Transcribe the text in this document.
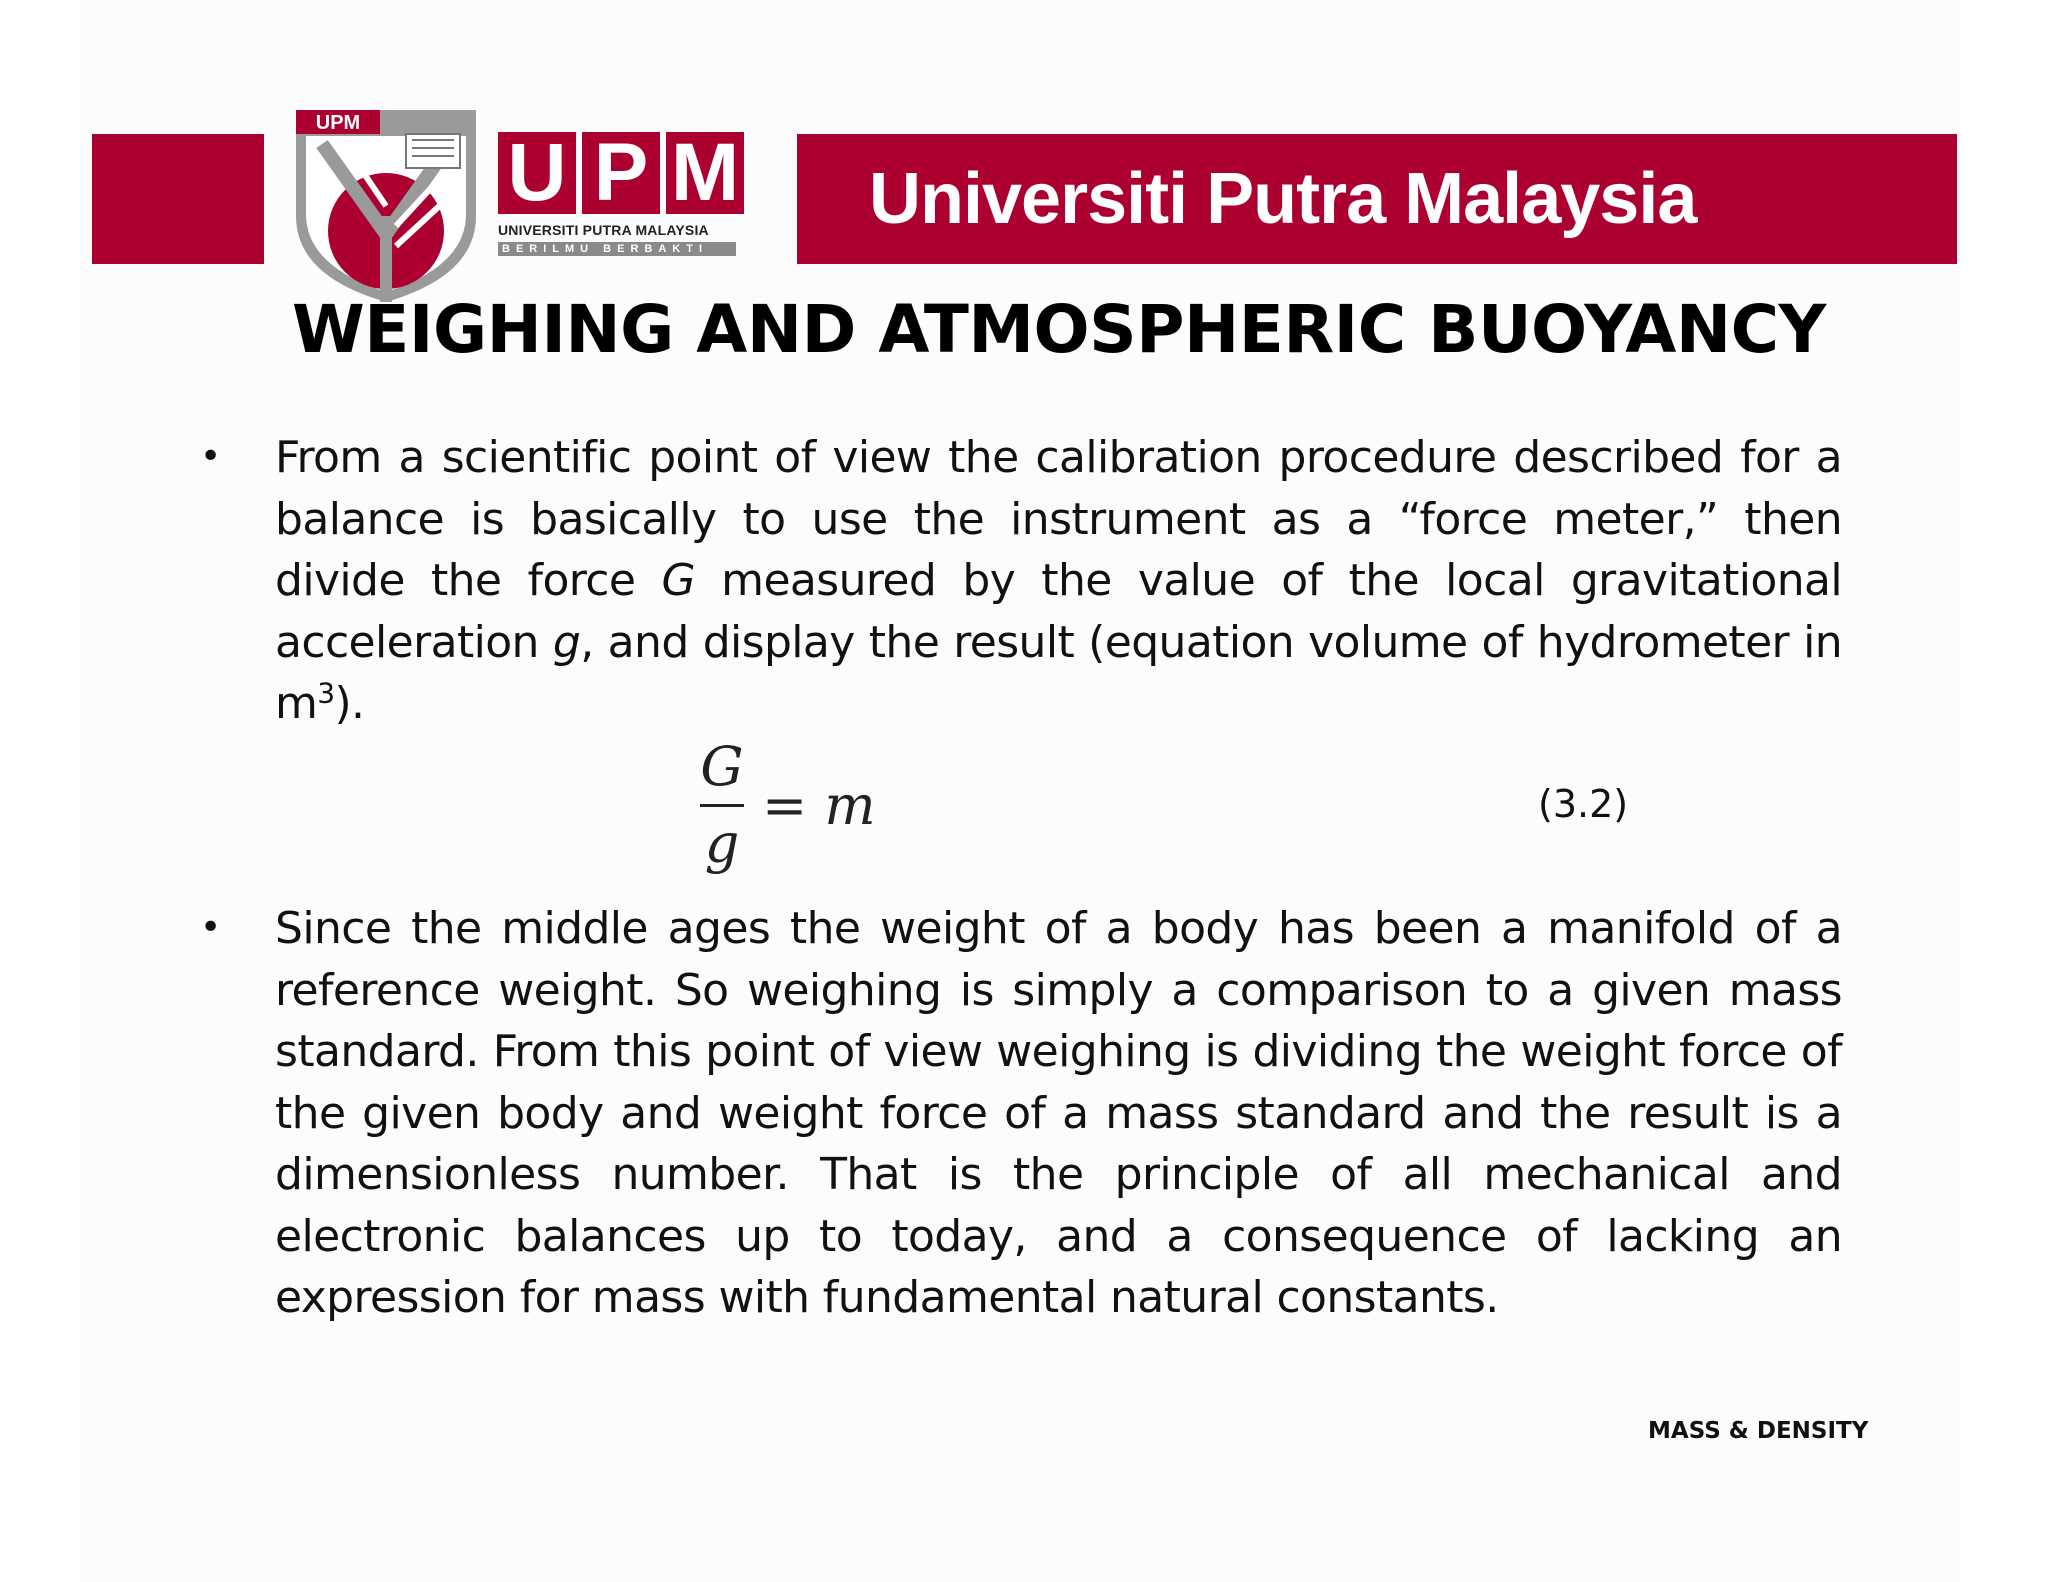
Universiti Putra Malaysia
UPM
U P M
UNIVERSITI PUTRA MALAYSIA
BERILMU BERBAKTI
WEIGHING AND ATMOSPHERIC BUOYANCY
• From a scientific point of view the calibration procedure described for a balance is basically to use the instrument as a “force meter,” then divide the force G measured by the value of the local gravitational acceleration g, and display the result (equation volume of hydrometer in $m^3$).
$\frac{G}{g} = m$	(3.2)
• Since the middle ages the weight of a body has been a manifold of a reference weight. So weighing is simply a comparison to a given mass standard. From this point of view weighing is dividing the weight force of the given body and weight force of a mass standard and the result is a dimensionless number. That is the principle of all mechanical and electronic balances up to today, and a consequence of lacking an expression for mass with fundamental natural constants.
MASS & DENSITY
